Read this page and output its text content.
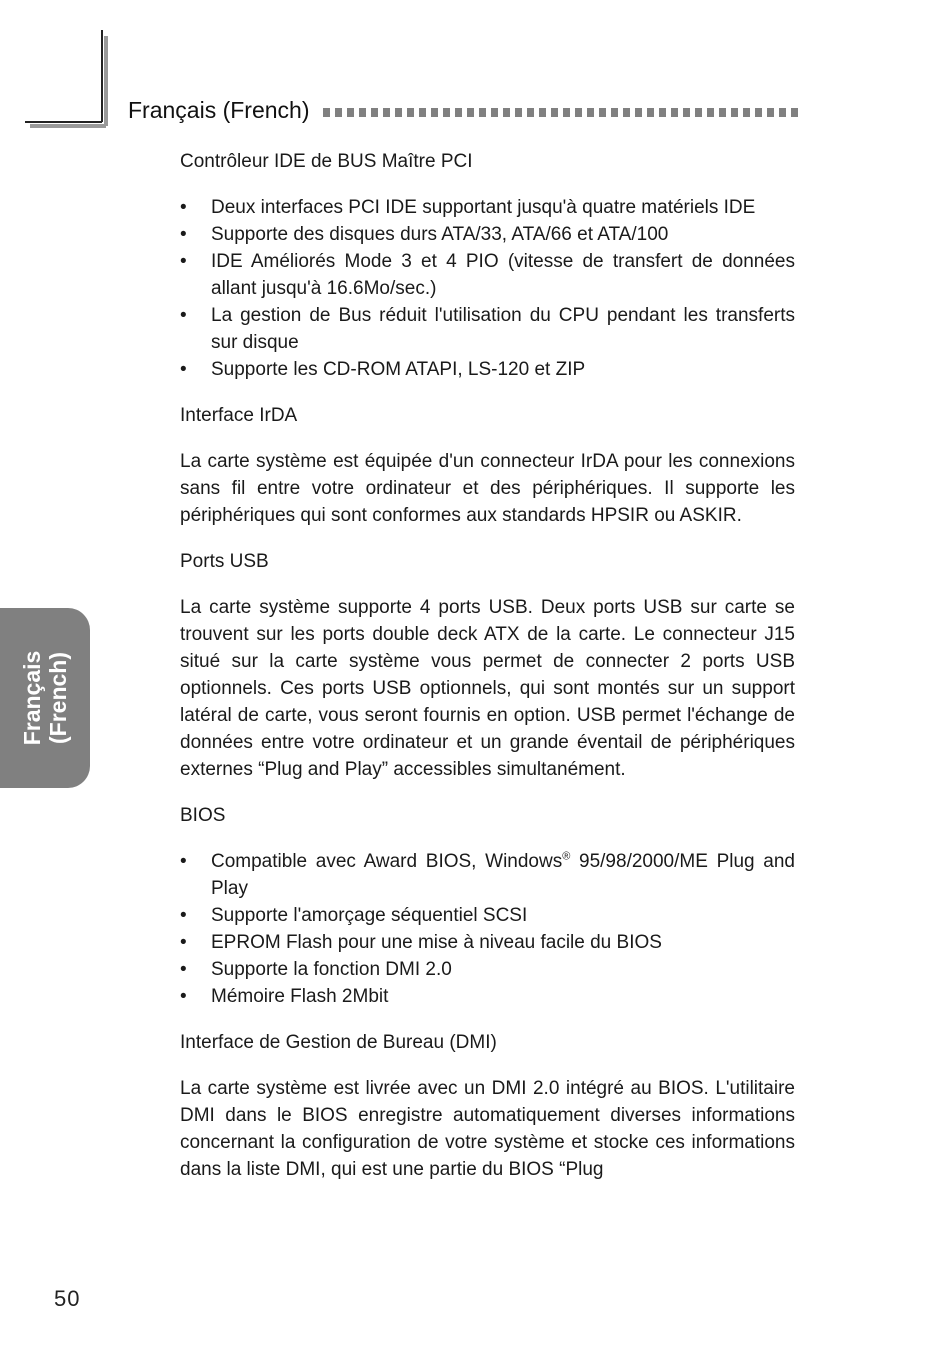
Français (French)
Français (French)
Contrôleur IDE de BUS Maître PCI
• Deux interfaces PCI IDE supportant jusqu'à quatre matériels IDE
• Supporte des disques durs ATA/33, ATA/66 et ATA/100
• IDE Améliorés Mode 3 et 4 PIO (vitesse de transfert de données allant jusqu'à 16.6Mo/sec.)
• La gestion de Bus réduit l'utilisation du CPU pendant les transferts sur disque
• Supporte les CD-ROM ATAPI, LS-120 et ZIP
Interface IrDA

La carte système est équipée d'un connecteur IrDA pour les connexions sans fil entre votre ordinateur et des périphériques. Il supporte les périphériques qui sont conformes aux standards HPSIR ou ASKIR.

Ports USB

La carte système supporte 4 ports USB. Deux ports USB sur carte se trouvent sur les ports double deck ATX de la carte. Le connecteur J15 situé sur la carte système vous permet de connecter 2 ports USB optionnels. Ces ports USB optionnels, qui sont montés sur un support latéral de carte, vous seront fournis en option. USB permet l'échange de données entre votre ordinateur et un grande éventail de périphériques externes “Plug and Play” accessibles simultanément.

BIOS
• Compatible avec Award BIOS, Windows® 95/98/2000/ME Plug and Play
• Supporte l'amorçage séquentiel SCSI
• EPROM Flash pour une mise à niveau facile du BIOS
• Supporte la fonction DMI 2.0
• Mémoire Flash 2Mbit
Interface de Gestion de Bureau (DMI)

La carte système est livrée avec un DMI 2.0 intégré au BIOS. L'utilitaire DMI dans le BIOS enregistre automatiquement diverses informations concernant la configuration de votre système et stocke ces informations dans la liste DMI, qui est une partie du BIOS “Plug

50
